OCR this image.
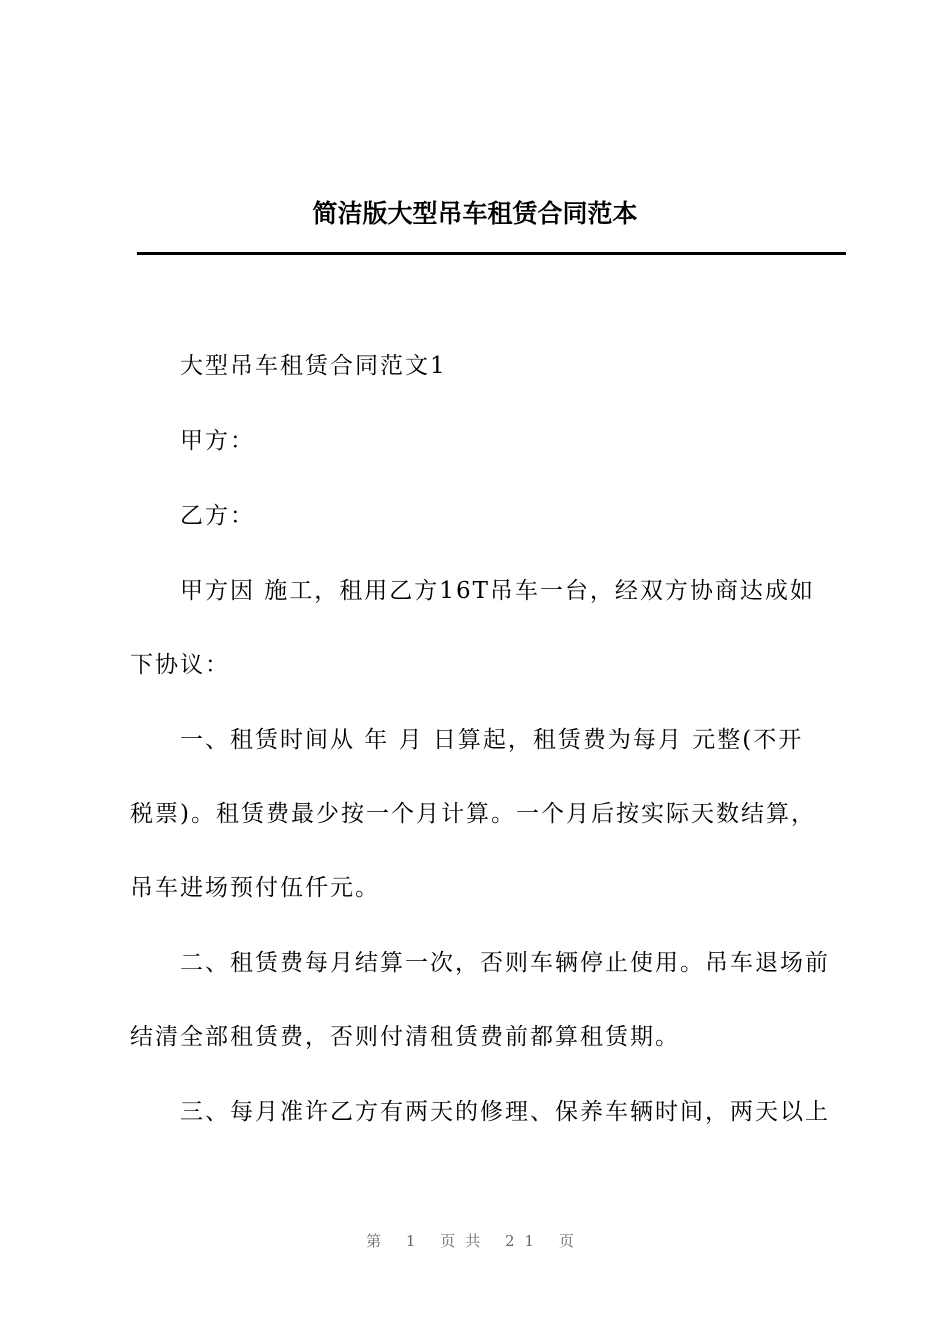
简洁版大型吊车租赁合同范本

大型吊车租赁合同范文1

甲方：

乙方：

甲方因 施工，租用乙方16T吊车一台，经双方协商达成如

下协议：

一、租赁时间从 年 月 日算起，租赁费为每月 元整(不开

税票)。租赁费最少按一个月计算。一个月后按实际天数结算，

吊车进场预付伍仟元。

二、租赁费每月结算一次，否则车辆停止使用。吊车退场前

结清全部租赁费，否则付清租赁费前都算租赁期。

三、每月准许乙方有两天的修理、保养车辆时间，两天以上

第 1 页共 21 页
